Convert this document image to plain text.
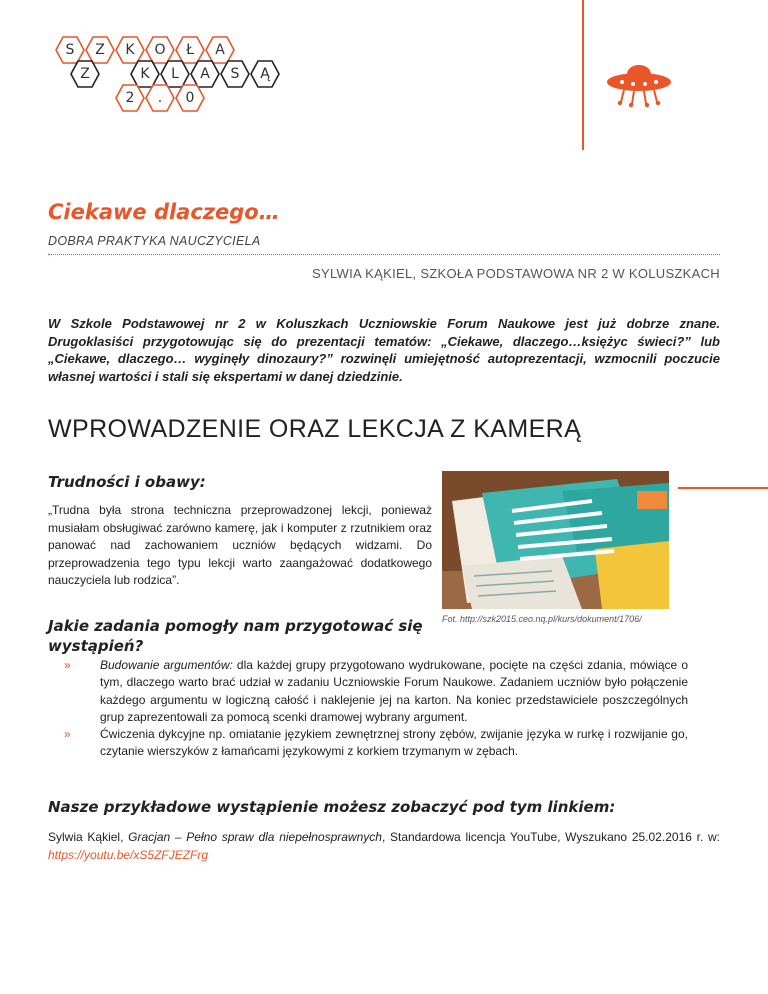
S Z K O Ł A
Z	K L A S Ą
2 . 0
Ciekawe dlaczego…
DOBRA PRAKTYKA NAUCZYCIELA
SYLWIA KĄKIEL, SZKOŁA PODSTAWOWA NR 2 W KOLUSZKACH

W Szkole Podstawowej nr 2 w Koluszkach Uczniowskie Forum Naukowe jest już dobrze znane. Drugoklasiści przygotowując się do prezentacji tematów: „Ciekawe, dlaczego…księżyc świeci?” lub „Ciekawe, dlaczego… wyginęły dinozaury?” rozwinęli umiejętność autoprezentacji, wzmocnili poczucie własnej wartości i stali się ekspertami w danej dziedzinie.

WPROWADZENIE ORAZ LEKCJA Z KAMERĄ
Trudności i obawy:

„Trudna była strona techniczna przeprowadzonej lekcji, ponieważ musiałam obsługiwać zarówno kamerę, jak i komputer z rzutnikiem oraz panować nad zachowaniem uczniów będących widzami. Do przeprowadzenia tego typu lekcji warto zaangażować dodatkowego nauczyciela lub rodzica”.

Fot. http://szk2015.ceo.nq.pl/kurs/dokument/1706/
Jakie zadania pomogły nam przygotować się wystąpień?
» Budowanie argumentów: dla każdej grupy przygotowano wydrukowane, pocięte na części zdania, mówiące o tym, dlaczego warto brać udział w zadaniu Uczniowskie Forum Naukowe. Zadaniem uczniów było połączenie każdego argumentu w logiczną całość i naklejenie jej na karton. Na koniec przedstawiciele poszczególnych grup zaprezentowali za pomocą scenki dramowej wybrany argument.
» Ćwiczenia dykcyjne np. omiatanie językiem zewnętrznej strony zębów, zwijanie języka w rurkę i rozwijanie go, czytanie wierszyków z łamańcami językowymi z korkiem trzymanym w zębach.
Nasze przykładowe wystąpienie możesz zobaczyć pod tym linkiem:

Sylwia Kąkiel, Gracjan – Pełno spraw dla niepełnosprawnych, Standardowa licencja YouTube, Wyszukano 25.02.2016 r. w: https://youtu.be/xS5ZFJEZFrg
